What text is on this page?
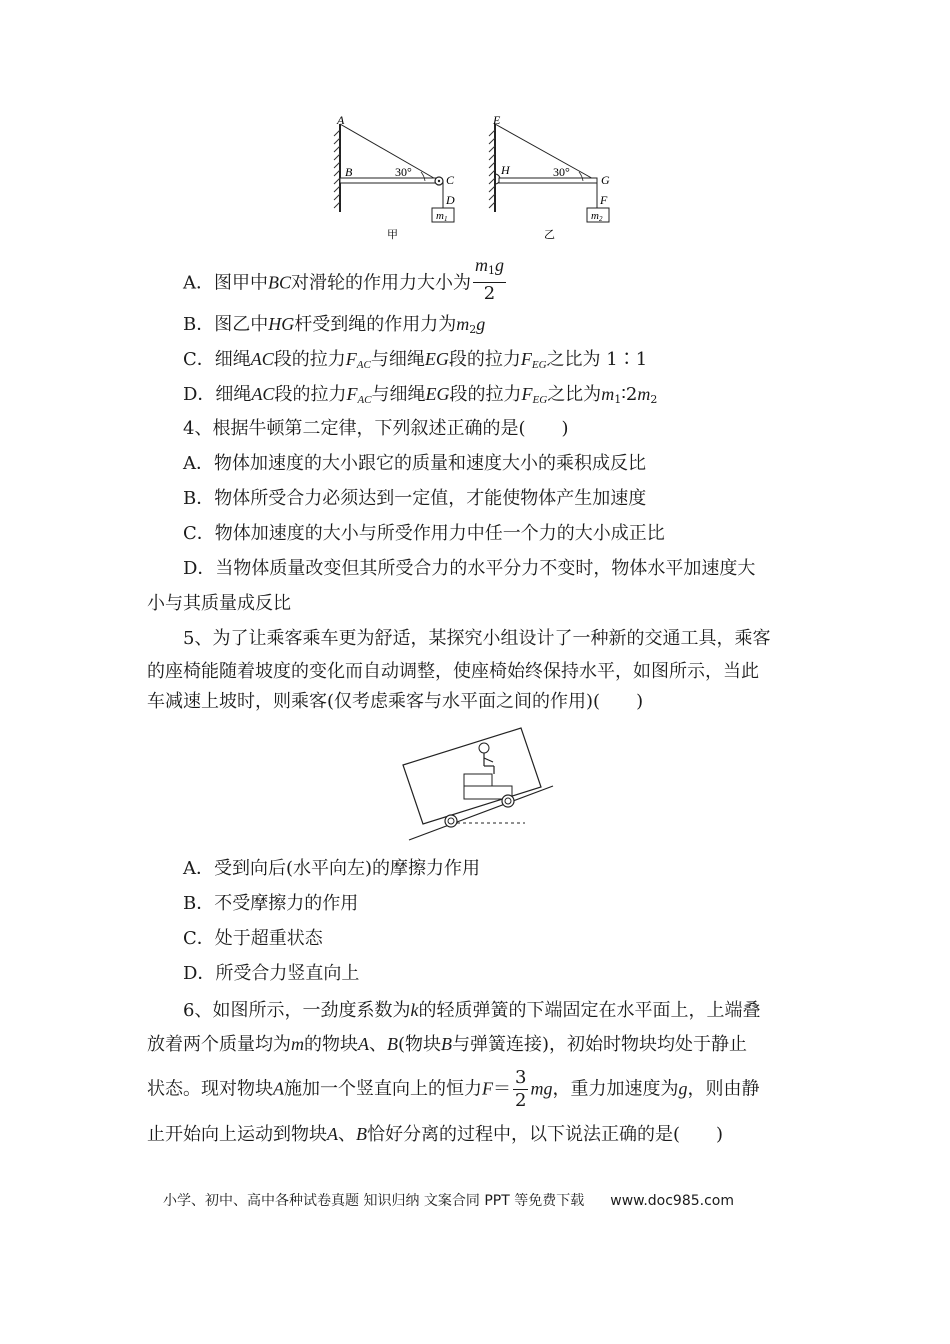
A
B	30°
C
D
m1
甲
E
H	30°
G
F
m2
乙
A．图甲中BC对滑轮的作用力大小为 $\frac{m_1g}{2}$
B．图乙中HG杆受到绳的作用力为$m_2g$
C．细绳AC段的拉力$F_{AC}$与细绳EG段的拉力$F_{EG}$之比为 1∶1
D．细绳AC段的拉力$F_{AC}$与细绳EG段的拉力$F_{EG}$之比为$m_1∶2m_2$
4、根据牛顿第二定律，下列叙述正确的是(　　)
A．物体加速度的大小跟它的质量和速度大小的乘积成反比
B．物体所受合力必须达到一定值，才能使物体产生加速度
C．物体加速度的大小与所受作用力中任一个力的大小成正比
D．当物体质量改变但其所受合力的水平分力不变时，物体水平加速度大
小与其质量成反比
5、为了让乘客乘车更为舒适，某探究小组设计了一种新的交通工具，乘客
的座椅能随着坡度的变化而自动调整，使座椅始终保持水平，如图所示，当此
车减速上坡时，则乘客(仅考虑乘客与水平面之间的作用)(　　)
A．受到向后(水平向左)的摩擦力作用
B．不受摩擦力的作用
C．处于超重状态
D．所受合力竖直向上
6、如图所示，一劲度系数为k的轻质弹簧的下端固定在水平面上，上端叠
放着两个质量均为m的物块A、B(物块B与弹簧连接)，初始时物块均处于静止
状态。现对物块A施加一个竖直向上的恒力$F= \frac{3}{2}$ mg，重力加速度为g，则由静
止开始向上运动到物块A、B恰好分离的过程中，以下说法正确的是(　　)
小学、初中、高中各种试卷真题 知识归纳 文案合同 PPT 等免费下载 www.doc985.com
